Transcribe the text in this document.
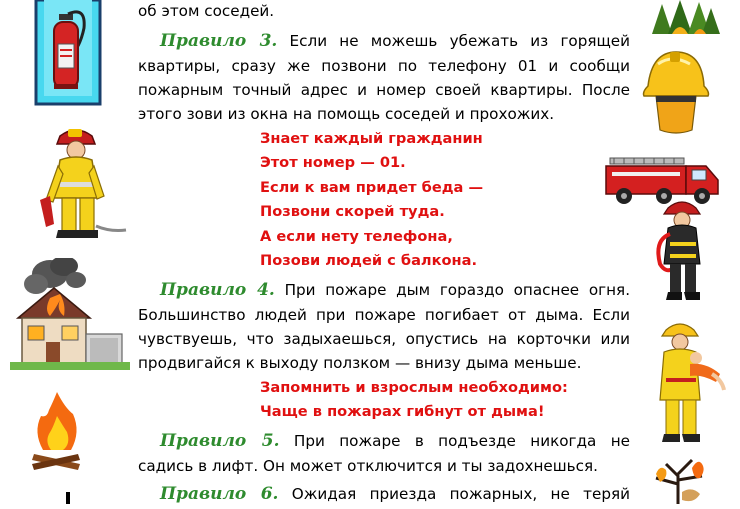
об этом соседей.
Правило 3. Если не можешь убежать из горящей
квартиры, сразу же позвони по телефону 01 и сообщи
пожарным точный адрес и номер своей квартиры. После
этого зови из окна на помощь соседей и прохожих.
Знает каждый гражданин
Этот номер — 01.
Если к вам придет беда —
Позвони скорей туда.
А если нету телефона,
Позови людей с балкона.
Правило 4. При пожаре дым гораздо опаснее огня.
Большинство людей при пожаре погибает от дыма. Если
чувствуешь, что задыхаешься, опустись на корточки или
продвигайся к выходу ползком — внизу дыма меньше.
Запомнить и взрослым необходимо:
Чаще в пожарах гибнут от дыма!
Правило 5. При пожаре в подъезде никогда не
садись в лифт. Он может отключится и ты задохнешься.
Правило 6. Ожидая приезда пожарных, не теряй
